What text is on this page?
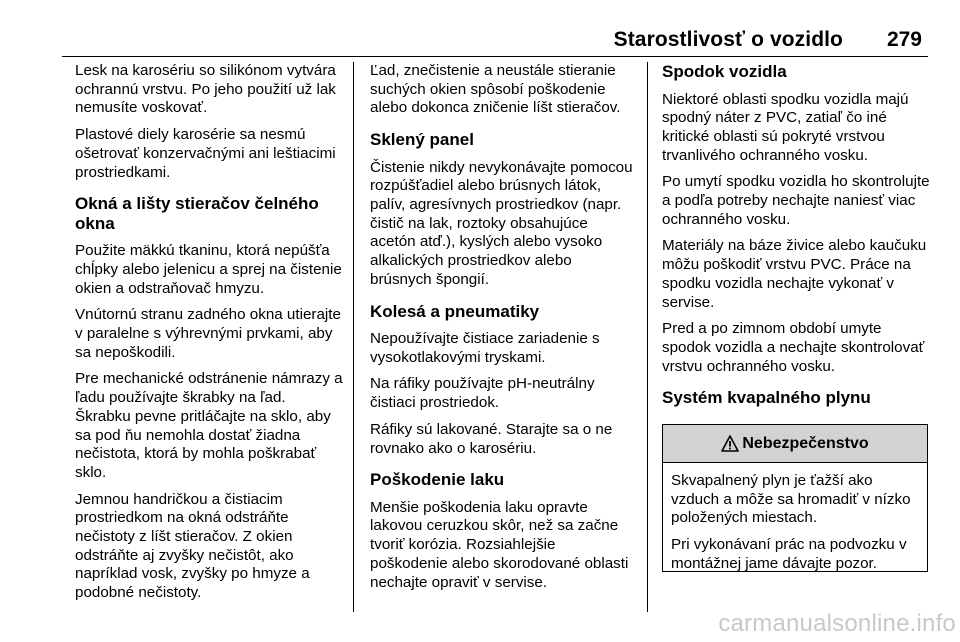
Starostlivosť o vozidlo 279

Lesk na karosériu so silikónom vytvára ochrannú vrstvu. Po jeho použití už lak nemusíte voskovať.

Plastové diely karosérie sa nesmú ošetrovať konzervačnými ani leštiacimi prostriedkami.

Okná a lišty stieračov čelného okna

Použite mäkkú tkaninu, ktorá nepúšťa chĺpky alebo jelenicu a sprej na čistenie okien a odstraňovač hmyzu.

Vnútornú stranu zadného okna utierajte v paralelne s výhrevnými prvkami, aby sa nepoškodili.

Pre mechanické odstránenie námrazy a ľadu používajte škrabky na ľad. Škrabku pevne pritláčajte na sklo, aby sa pod ňu nemohla dostať žiadna nečistota, ktorá by mohla poškrabať sklo.

Jemnou handričkou a čistiacim prostriedkom na okná odstráňte nečistoty z líšt stieračov. Z okien odstráňte aj zvyšky nečistôt, ako napríklad vosk, zvyšky po hmyze a podobné nečistoty.

Ľad, znečistenie a neustále stieranie suchých okien spôsobí poškodenie alebo dokonca zničenie líšt stieračov.

Sklený panel

Čistenie nikdy nevykonávajte pomocou rozpúšťadiel alebo brúsnych látok, palív, agresívnych prostriedkov (napr. čistič na lak, roztoky obsahujúce acetón atď.), kyslých alebo vysoko alkalických prostriedkov alebo brúsnych špongií.

Kolesá a pneumatiky

Nepoužívajte čistiace zariadenie s vysokotlakovými tryskami.

Na ráfiky používajte pH-neutrálny čistiaci prostriedok.

Ráfiky sú lakované. Starajte sa o ne rovnako ako o karosériu.

Poškodenie laku

Menšie poškodenia laku opravte lakovou ceruzkou skôr, než sa začne tvoriť korózia. Rozsiahlejšie poškodenie alebo skorodované oblasti nechajte opraviť v servise.

Spodok vozidla

Niektoré oblasti spodku vozidla majú spodný náter z PVC, zatiaľ čo iné kritické oblasti sú pokryté vrstvou trvanlivého ochranného vosku.

Po umytí spodku vozidla ho skontrolujte a podľa potreby nechajte naniesť viac ochranného vosku.

Materiály na báze živice alebo kaučuku môžu poškodiť vrstvu PVC. Práce na spodku vozidla nechajte vykonať v servise.

Pred a po zimnom období umyte spodok vozidla a nechajte skontrolovať vrstvu ochranného vosku.

Systém kvapalného plynu
Nebezpečenstvo

Skvapalnený plyn je ťažší ako vzduch a môže sa hromadiť v nízko položených miestach.

Pri vykonávaní prác na podvozku v montážnej jame dávajte pozor.

carmanualsonline.info
